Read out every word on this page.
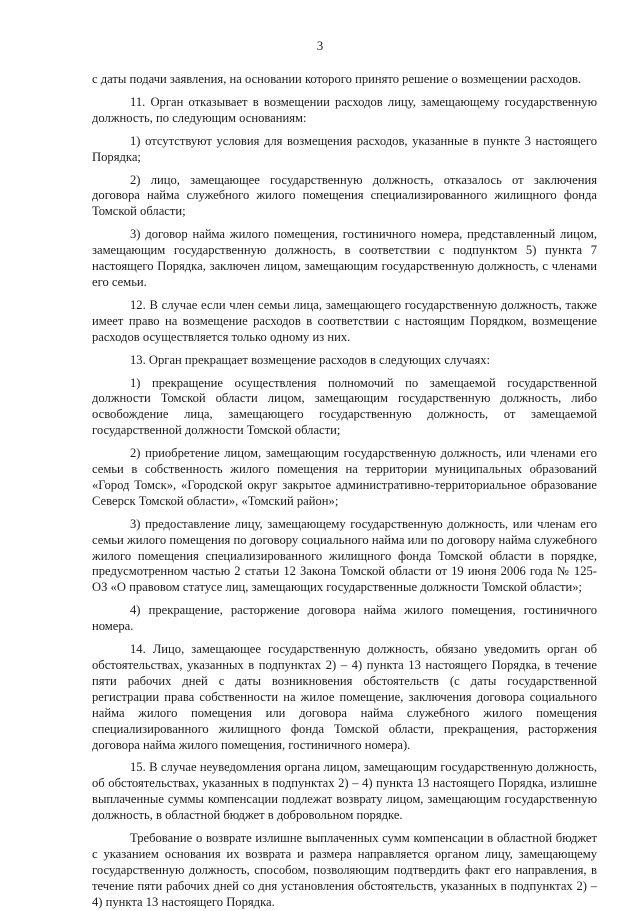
3

с даты подачи заявления, на основании которого принято решение о возмещении расходов.

11. Орган отказывает в возмещении расходов лицу, замещающему государственную должность, по следующим основаниям:

1) отсутствуют условия для возмещения расходов, указанные в пункте 3 настоящего Порядка;

2) лицо, замещающее государственную должность, отказалось от заключения договора найма служебного жилого помещения специализированного жилищного фонда Томской области;

3) договор найма жилого помещения, гостиничного номера, представленный лицом, замещающим государственную должность, в соответствии с подпунктом 5) пункта 7 настоящего Порядка, заключен лицом, замещающим государственную должность, с членами его семьи.

12. В случае если член семьи лица, замещающего государственную должность, также имеет право на возмещение расходов в соответствии с настоящим Порядком, возмещение расходов осуществляется только одному из них.

13. Орган прекращает возмещение расходов в следующих случаях:

1) прекращение осуществления полномочий по замещаемой государственной должности Томской области лицом, замещающим государственную должность, либо освобождение лица, замещающего государственную должность, от замещаемой государственной должности Томской области;

2) приобретение лицом, замещающим государственную должность, или членами его семьи в собственность жилого помещения на территории муниципальных образований «Город Томск», «Городской округ закрытое административно-территориальное образование Северск Томской области», «Томский район»;

3) предоставление лицу, замещающему государственную должность, или членам его семьи жилого помещения по договору социального найма или по договору найма служебного жилого помещения специализированного жилищного фонда Томской области в порядке, предусмотренном частью 2 статьи 12 Закона Томской области от 19 июня 2006 года № 125-ОЗ «О правовом статусе лиц, замещающих государственные должности Томской области»;

4) прекращение, расторжение договора найма жилого помещения, гостиничного номера.

14. Лицо, замещающее государственную должность, обязано уведомить орган об обстоятельствах, указанных в подпунктах 2) – 4) пункта 13 настоящего Порядка, в течение пяти рабочих дней с даты возникновения обстоятельств (с даты государственной регистрации права собственности на жилое помещение, заключения договора социального найма жилого помещения или договора найма служебного жилого помещения специализированного жилищного фонда Томской области, прекращения, расторжения договора найма жилого помещения, гостиничного номера).

15. В случае неуведомления органа лицом, замещающим государственную должность, об обстоятельствах, указанных в подпунктах 2) – 4) пункта 13 настоящего Порядка, излишне выплаченные суммы компенсации подлежат возврату лицом, замещающим государственную должность, в областной бюджет в добровольном порядке.

Требование о возврате излишне выплаченных сумм компенсации в областной бюджет с указанием основания их возврата и размера направляется органом лицу, замещающему государственную должность, способом, позволяющим подтвердить факт его направления, в течение пяти рабочих дней со дня установления обстоятельств, указанных в подпунктах 2) – 4) пункта 13 настоящего Порядка.
